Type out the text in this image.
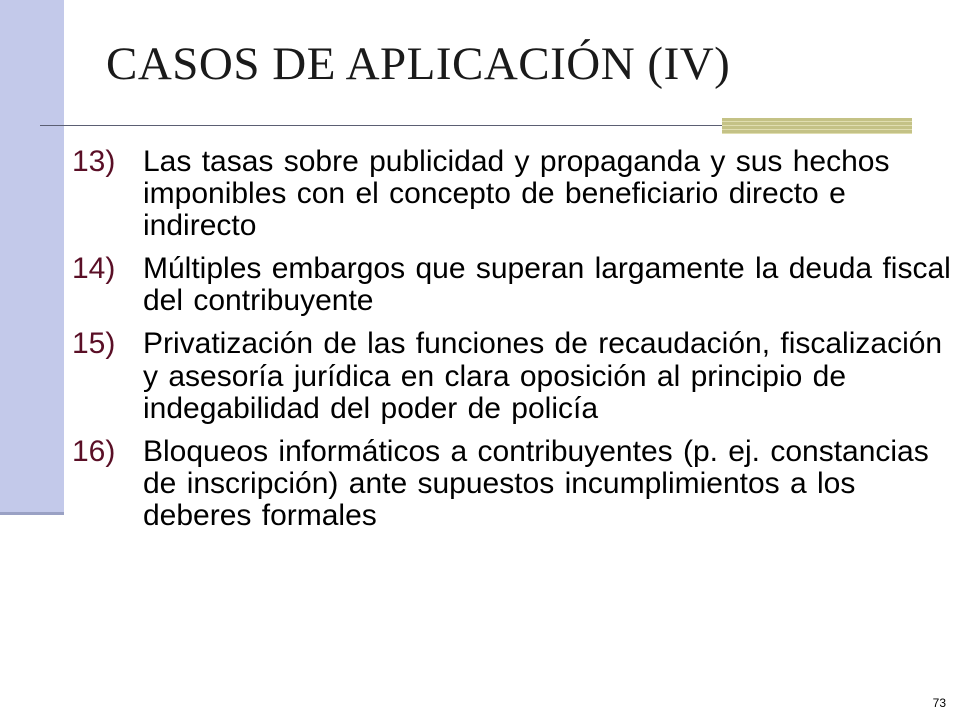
CASOS DE APLICACIÓN (IV)
13) Las tasas sobre publicidad y propaganda y sus hechos imponibles con el concepto de beneficiario directo e indirecto
14) Múltiples embargos que superan largamente la deuda fiscal del contribuyente
15) Privatización de las funciones de recaudación, fiscalización y asesoría jurídica en clara oposición al principio de indegabilidad del poder de policía
16) Bloqueos informáticos a contribuyentes (p. ej. constancias de inscripción) ante supuestos incumplimientos a los deberes formales
73
